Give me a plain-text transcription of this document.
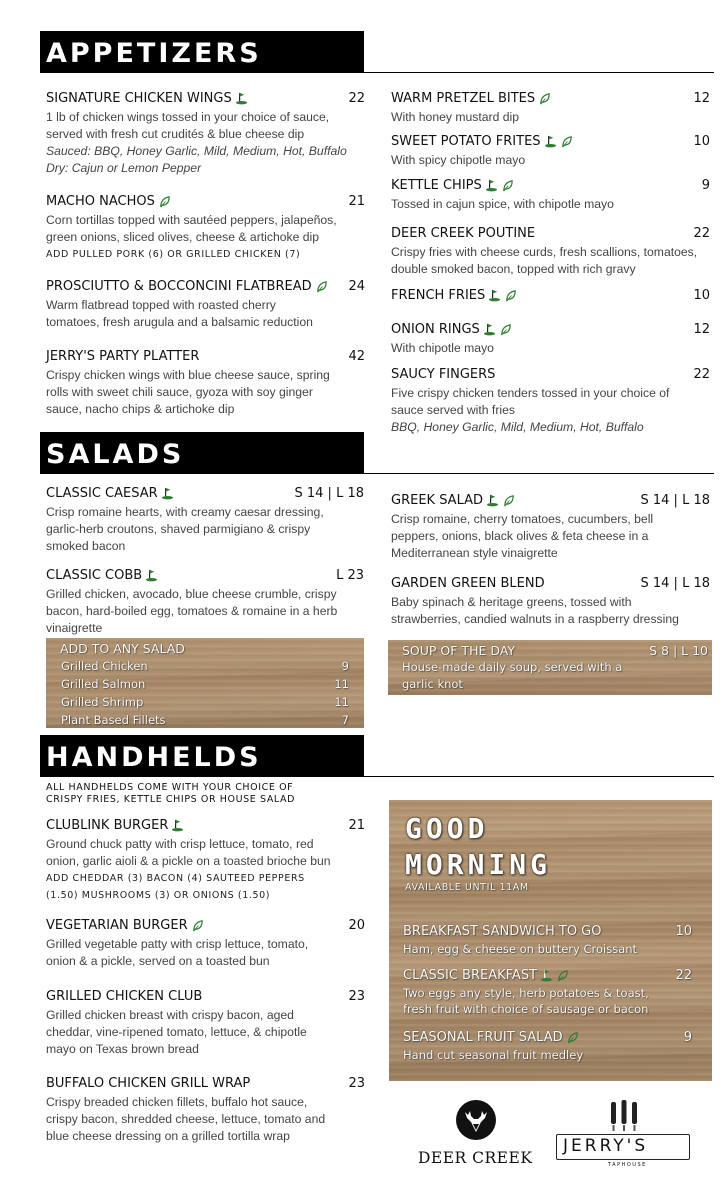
APPETIZERS
SALADS
HANDHELDS
ALL HANDHELDS COME WITH YOUR CHOICE OF
CRISPY FRIES, KETTLE CHIPS OR HOUSE SALAD
SIGNATURE CHICKEN WINGS	22
1 lb of chicken wings tossed in your choice of sauce,
served with fresh cut crudités & blue cheese dip
Sauced: BBQ, Honey Garlic, Mild, Medium, Hot, Buffalo
Dry: Cajun or Lemon Pepper
MACHO NACHOS	21
Corn tortillas topped with sautéed peppers, jalapeños,
green onions, sliced olives, cheese & artichoke dip
ADD PULLED PORK (6) OR GRILLED CHICKEN (7)
PROSCIUTTO & BOCCONCINI FLATBREAD	24
Warm flatbread topped with roasted cherry
tomatoes, fresh arugula and a balsamic reduction
JERRY'S PARTY PLATTER	42
Crispy chicken wings with blue cheese sauce, spring
rolls with sweet chili sauce, gyoza with soy ginger
sauce, nacho chips & artichoke dip
WARM PRETZEL BITES	12
With honey mustard dip
SWEET POTATO FRITES	10
With spicy chipotle mayo
KETTLE CHIPS	9
Tossed in cajun spice, with chipotle mayo
DEER CREEK POUTINE	22
Crispy fries with cheese curds, fresh scallions, tomatoes,
double smoked bacon, topped with rich gravy
FRENCH FRIES	10
ONION RINGS	12
With chipotle mayo
SAUCY FINGERS	22
Five crispy chicken tenders tossed in your choice of
sauce served with fries
BBQ, Honey Garlic, Mild, Medium, Hot, Buffalo
CLASSIC CAESAR	S 14 | L 18
Crisp romaine hearts, with creamy caesar dressing,
garlic-herb croutons, shaved parmigiano & crispy
smoked bacon
CLASSIC COBB	L 23
Grilled chicken, avocado, blue cheese crumble, crispy
bacon, hard-boiled egg, tomatoes & romaine in a herb
vinaigrette
GREEK SALAD	S 14 | L 18
Crisp romaine, cherry tomatoes, cucumbers, bell
peppers, onions, black olives & feta cheese in a
Mediterranean style vinaigrette
GARDEN GREEN BLEND	S 14 | L 18
Baby spinach & heritage greens, tossed with
strawberries, candied walnuts in a raspberry dressing
CLUBLINK BURGER	21
Ground chuck patty with crisp lettuce, tomato, red
onion, garlic aioli & a pickle on a toasted brioche bun
ADD CHEDDAR (3) BACON (4) SAUTEED PEPPERS
(1.50) MUSHROOMS (3) OR ONIONS (1.50)
VEGETARIAN BURGER	20
Grilled vegetable patty with crisp lettuce, tomato,
onion & a pickle, served on a toasted bun
GRILLED CHICKEN CLUB	23
Grilled chicken breast with crispy bacon, aged
cheddar, vine-ripened tomato, lettuce, & chipotle
mayo on Texas brown bread
BUFFALO CHICKEN GRILL WRAP	23
Crispy breaded chicken fillets, buffalo hot sauce,
crispy bacon, shredded cheese, lettuce, tomato and
blue cheese dressing on a grilled tortilla wrap
ADD TO ANY SALAD
Grilled Chicken	9
Grilled Salmon	11
Grilled Shrimp	11
Plant Based Fillets	7
SOUP OF THE DAY	S 8 | L 10
House-made daily soup, served with a
garlic knot
GOOD
MORNING
AVAILABLE UNTIL 11AM
BREAKFAST SANDWICH TO GO	10
Ham, egg & cheese on buttery Croissant
CLASSIC BREAKFAST	22
Two eggs any style, herb potatoes & toast,
fresh fruit with choice of sausage or bacon
SEASONAL FRUIT SALAD	9
Hand cut seasonal fruit medley
DEER CREEK
JERRY'S
TAPHOUSE
